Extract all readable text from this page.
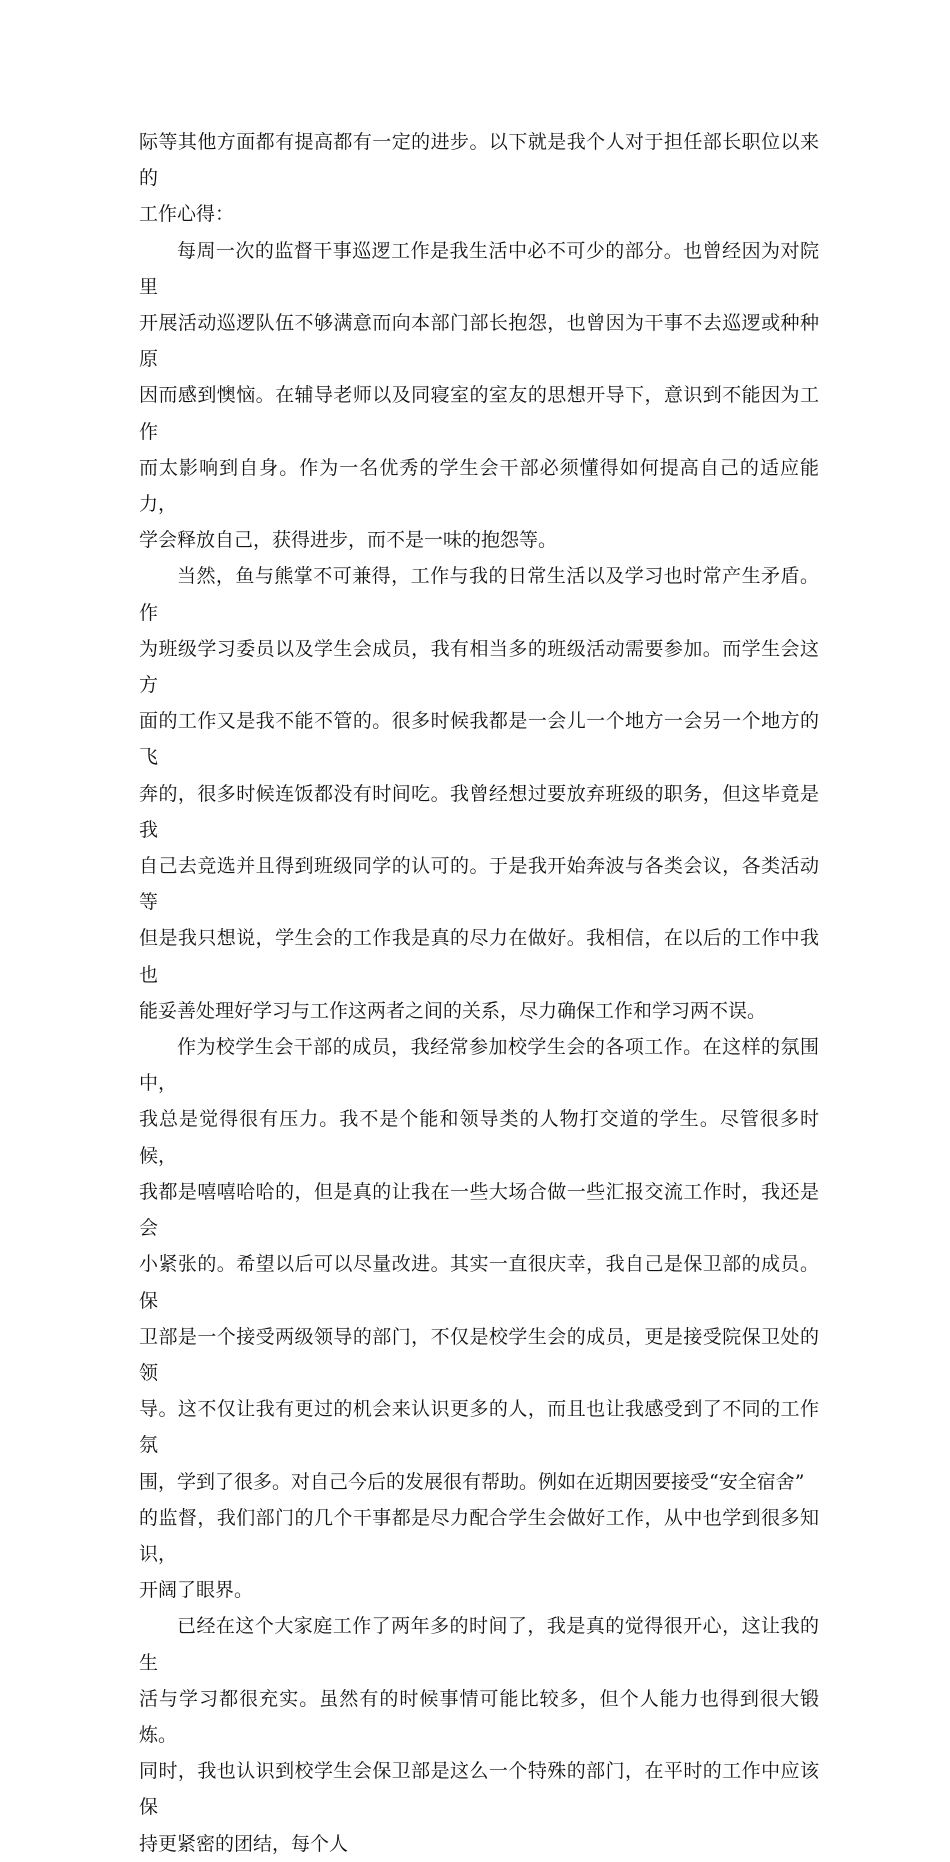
际等其他方面都有提高都有一定的进步。以下就是我个人对于担任部长职位以来的
工作心得：

每周一次的监督干事巡逻工作是我生活中必不可少的部分。也曾经因为对院里
开展活动巡逻队伍不够满意而向本部门部长抱怨，也曾因为干事不去巡逻或种种原
因而感到懊恼。在辅导老师以及同寝室的室友的思想开导下，意识到不能因为工作
而太影响到自身。作为一名优秀的学生会干部必须懂得如何提高自己的适应能力，
学会释放自己，获得进步，而不是一味的抱怨等。

当然，鱼与熊掌不可兼得，工作与我的日常生活以及学习也时常产生矛盾。作
为班级学习委员以及学生会成员，我有相当多的班级活动需要参加。而学生会这方
面的工作又是我不能不管的。很多时候我都是一会儿一个地方一会另一个地方的飞
奔的，很多时候连饭都没有时间吃。我曾经想过要放弃班级的职务，但这毕竟是我
自己去竞选并且得到班级同学的认可的。于是我开始奔波与各类会议，各类活动等
但是我只想说，学生会的工作我是真的尽力在做好。我相信，在以后的工作中我也
能妥善处理好学习与工作这两者之间的关系，尽力确保工作和学习两不误。

作为校学生会干部的成员，我经常参加校学生会的各项工作。在这样的氛围中，
我总是觉得很有压力。我不是个能和领导类的人物打交道的学生。尽管很多时候，
我都是嘻嘻哈哈的，但是真的让我在一些大场合做一些汇报交流工作时，我还是会
小紧张的。希望以后可以尽量改进。其实一直很庆幸，我自己是保卫部的成员。保
卫部是一个接受两级领导的部门，不仅是校学生会的成员，更是接受院保卫处的领
导。这不仅让我有更过的机会来认识更多的人，而且也让我感受到了不同的工作氛
围，学到了很多。对自己今后的发展很有帮助。例如在近期因要接受“安全宿舍”
的监督，我们部门的几个干事都是尽力配合学生会做好工作，从中也学到很多知识，
开阔了眼界。

已经在这个大家庭工作了两年多的时间了，我是真的觉得很开心，这让我的生
活与学习都很充实。虽然有的时候事情可能比较多，但个人能力也得到很大锻炼。
同时，我也认识到校学生会保卫部是这么一个特殊的部门，在平时的工作中应该保
持更紧密的团结，每个人
